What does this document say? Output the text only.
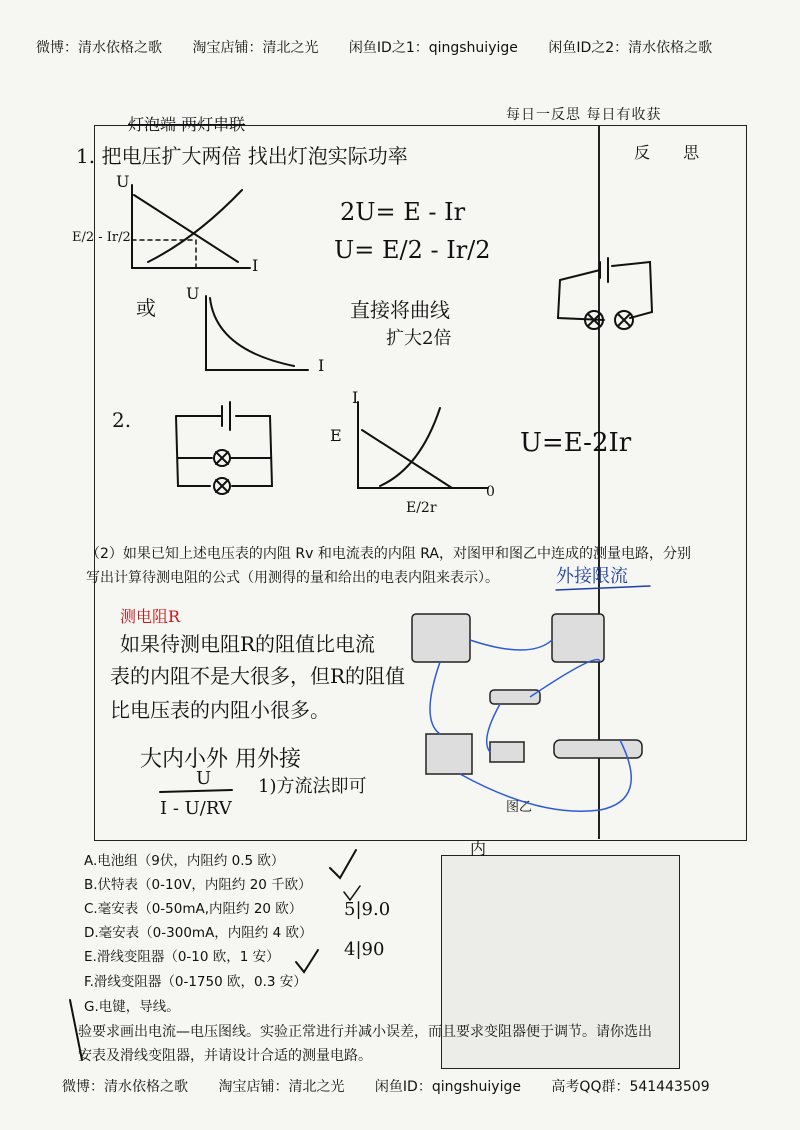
微博：清水依格之歌 淘宝店铺：清北之光 闲鱼ID之1：qingshuiyige 闲鱼ID之2：清水依格之歌
每日一反思 每日有收获
反 思
灯泡端 两灯串联
1. 把电压扩大两倍 找出灯泡实际功率
U
I
E/2 - Ir/2
2U= E - Ir
U= E/2 - Ir/2
或
U
I
直接将曲线
扩大2倍
2.
I
E
0
E/2r
U=E-2Ir
（2）如果已知上述电压表的内阻 Rv 和电流表的内阻 RA，对图甲和图乙中连成的测量电路，分别
写出计算待测电阻的公式（用测得的量和给出的电表内阻来表示）。	外接限流
测电阻R
如果待测电阻R的阻值比电流
表的内阻不是大很多，但R的阻值
比电压表的内阻小很多。
大内小外 用外接
U	1)方流法即可
I - U/RV	图乙
A.电池组（9伏，内阻约 0.5 欧）
B.伏特表（0-10V，内阻约 20 千欧）
C.毫安表（0-50mA,内阻约 20 欧）
D.毫安表（0-300mA，内阻约 4 欧）
E.滑线变阻器（0-10 欧，1 安）
F.滑线变阻器（0-1750 欧，0.3 安）
G.电键，导线。
5|9.0 4|90
内
验要求画出电流—电压图线。实验正常进行并减小误差，而且要求变阻器便于调节。请你选出
安表及滑线变阻器，并请设计合适的测量电路。
微博：清水依格之歌 淘宝店铺：清北之光 闲鱼ID：qingshuiyige 高考QQ群：541443509
